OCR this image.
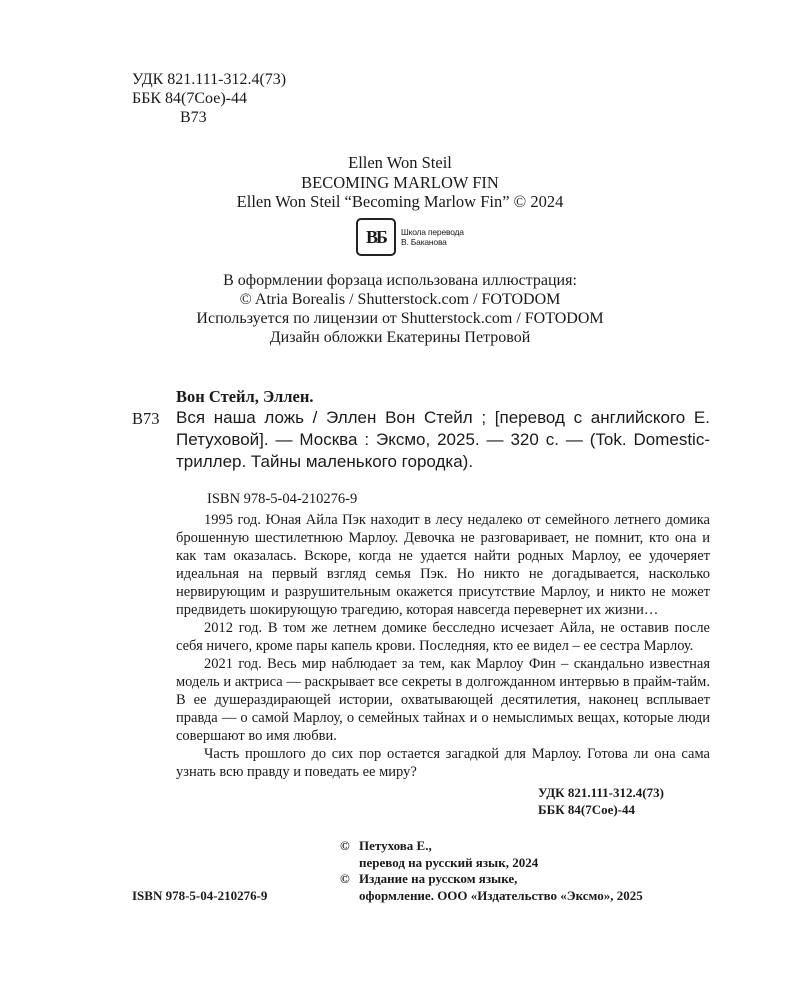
УДК 821.111-312.4(73)
ББК 84(7Сое)-44
В73
Ellen Won Steil
BECOMING MARLOW FIN
Ellen Won Steil “Becoming Marlow Fin” © 2024
ВБ Школа перевода
В. Баканова
В оформлении форзаца использована иллюстрация:
© Atria Borealis / Shutterstock.com / FOTODOM
Используется по лицензии от Shutterstock.com / FOTODOM
Дизайн обложки Екатерины Петровой
Вон Стейл, Эллен.
В73 Вся наша ложь / Эллен Вон Стейл ; [перевод с английского Е. Петуховой]. — Москва : Эксмо, 2025. — 320 с. — (Tok. Domestic-триллер. Тайны маленького городка).
ISBN 978-5-04-210276-9

1995 год. Юная Айла Пэк находит в лесу недалеко от семейного летнего домика брошенную шестилетнюю Марлоу. Девочка не разговаривает, не помнит, кто она и как там оказалась. Вскоре, когда не удается найти родных Марлоу, ее удочеряет идеальная на первый взгляд семья Пэк. Но никто не догадывается, насколько нервирующим и разрушительным окажется присутствие Марлоу, и никто не может предвидеть шокирующую трагедию, которая навсегда перевернет их жизни…

2012 год. В том же летнем домике бесследно исчезает Айла, не оставив после себя ничего, кроме пары капель крови. Последняя, кто ее видел – ее сестра Марлоу.

2021 год. Весь мир наблюдает за тем, как Марлоу Фин – скандально известная модель и актриса — раскрывает все секреты в долгожданном интервью в прайм-тайм. В ее душераздирающей истории, охватывающей десятилетия, наконец всплывает правда — о самой Марлоу, о семейных тайнах и о немыслимых вещах, которые люди совершают во имя любви.

Часть прошлого до сих пор остается загадкой для Марлоу. Готова ли она сама узнать всю правду и поведать ее миру?

УДК 821.111-312.4(73)
ББК 84(7Сое)-44
© Петухова Е.,
перевод на русский язык, 2024
© Издание на русском языке,
оформление. ООО «Издательство «Эксмо», 2025
ISBN 978-5-04-210276-9
